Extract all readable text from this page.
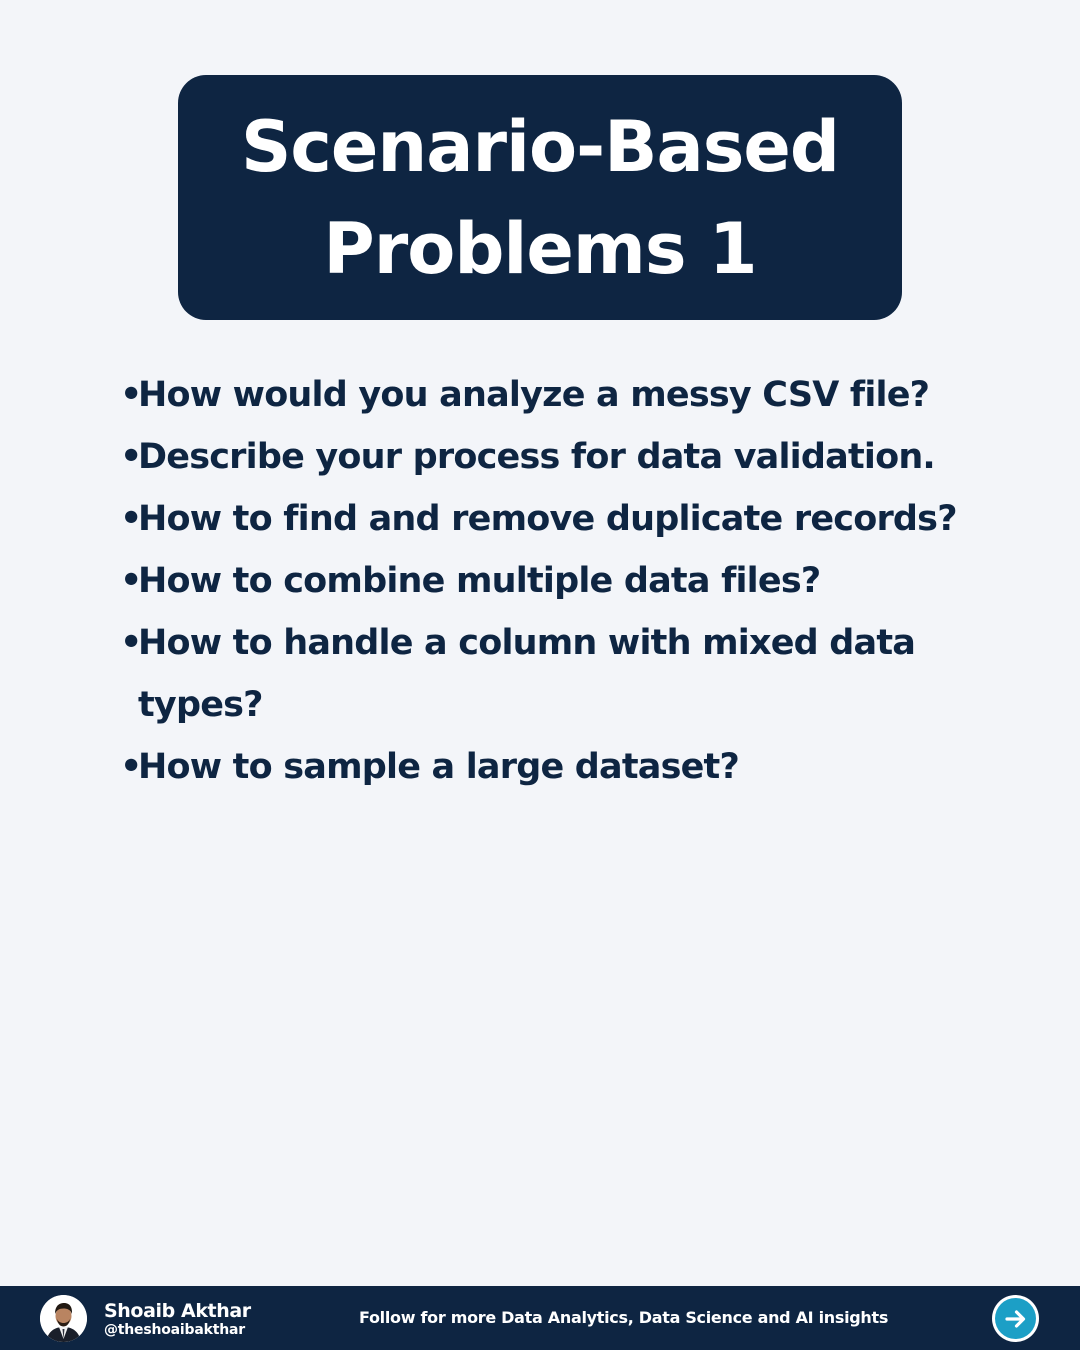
Scenario-Based
Problems 1
•
How would you analyze a messy CSV file?
•
Describe your process for data validation.
•
How to find and remove duplicate records?
•
How to combine multiple data files?
•
How to handle a column with mixed data types?
•
How to sample a large dataset?
Shoaib Akthar
@theshoaibakthar
Follow for more Data Analytics, Data Science and AI insights
